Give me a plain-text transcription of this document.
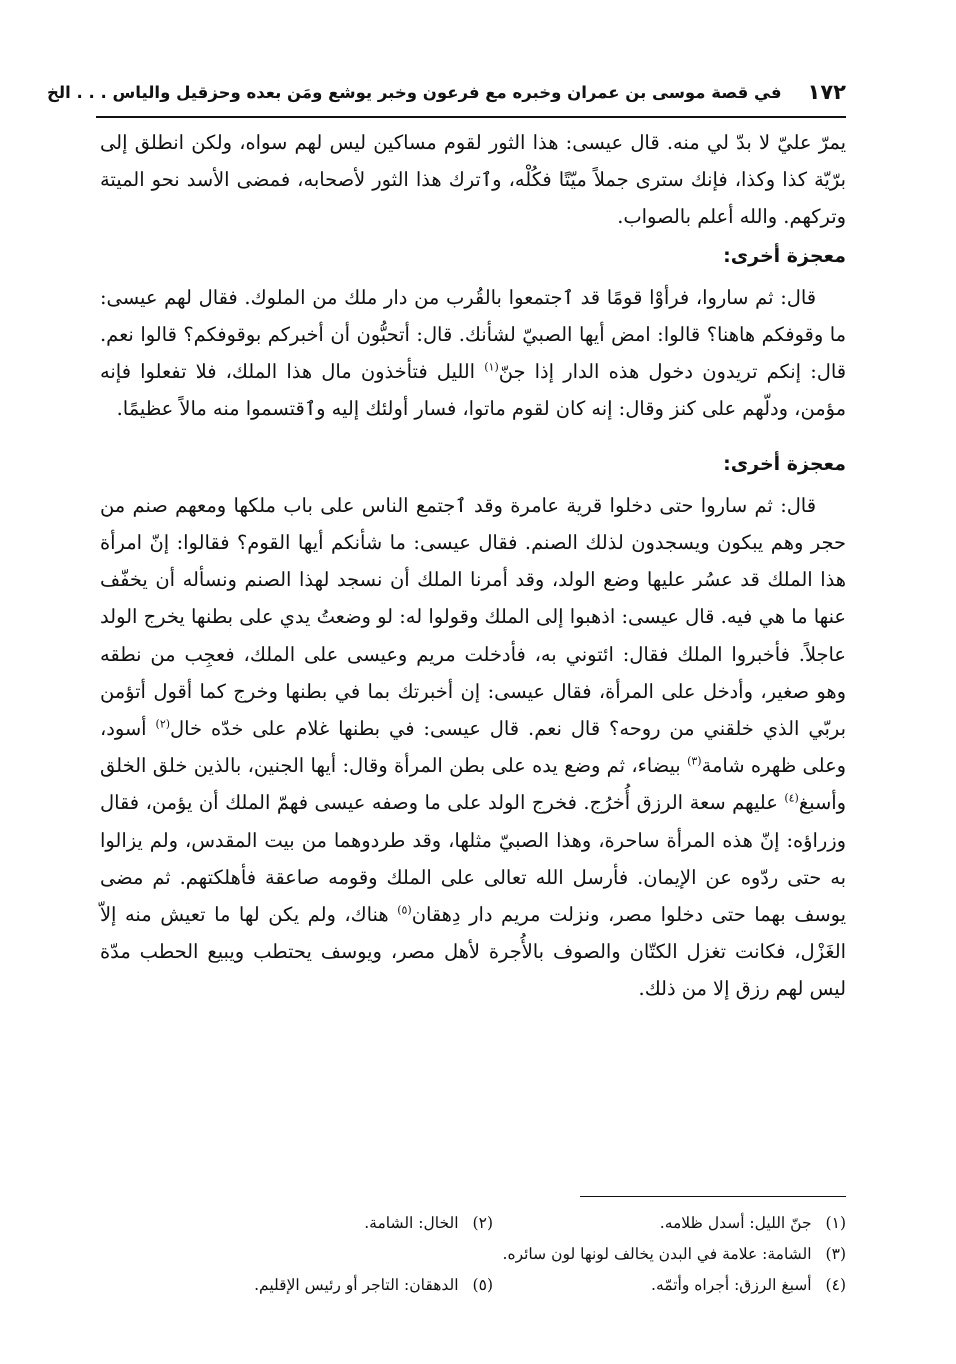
١٧٢
في قصة موسى بن عمران وخبره مع فرعون وخبر يوشع ومَن بعده وحزقيل والياس . . . الخ

يمرّ عليّ لا بدّ لي منه. قال عيسى: هذا الثور لقوم مساكين ليس لهم سواه، ولكن انطلق إلى برّيّة كذا وكذا، فإنك سترى جملاً ميّتًا فكُلْه، وٱترك هذا الثور لأصحابه، فمضى الأسد نحو الميتة وتركهم. والله أعلم بالصواب.

معجزة أخرى:

قال: ثم ساروا، فرأوْا قومًا قد ٱجتمعوا بالقُرب من دار ملك من الملوك. فقال لهم عيسى: ما وقوفكم هاهنا؟ قالوا: امض أيها الصبيّ لشأنك. قال: أتحبُّون أن أخبركم بوقوفكم؟ قالوا نعم. قال: إنكم تريدون دخول هذه الدار إذا جنّ$^{(١)}$ الليل فتأخذون مال هذا الملك، فلا تفعلوا فإنه مؤمن، ودلّهم على كنز وقال: إنه كان لقوم ماتوا، فسار أولئك إليه وٱقتسموا منه مالاً عظيمًا.

معجزة أخرى:

قال: ثم ساروا حتى دخلوا قرية عامرة وقد ٱجتمع الناس على باب ملكها ومعهم صنم من حجر وهم يبكون ويسجدون لذلك الصنم. فقال عيسى: ما شأنكم أيها القوم؟ فقالوا: إنّ امرأة هذا الملك قد عسُر عليها وضع الولد، وقد أمرنا الملك أن نسجد لهذا الصنم ونسأله أن يخفّف عنها ما هي فيه. قال عيسى: اذهبوا إلى الملك وقولوا له: لو وضعتُ يدي على بطنها يخرج الولد عاجلاً. فأخبروا الملك فقال: ائتوني به، فأدخلت مريم وعيسى على الملك، فعجِب من نطقه وهو صغير، وأدخل على المرأة، فقال عيسى: إن أخبرتك بما في بطنها وخرج كما أقول أتؤمن بربّي الذي خلقني من روحه؟ قال نعم. قال عيسى: في بطنها غلام على خدّه خال$^{(٢)}$ أسود، وعلى ظهره شامة$^{(٣)}$ بيضاء، ثم وضع يده على بطن المرأة وقال: أيها الجنين، بالذين خلق الخلق وأسبغ$^{(٤)}$ عليهم سعة الرزق أُخرُج. فخرج الولد على ما وصفه عيسى فهمّ الملك أن يؤمن، فقال وزراؤه: إنّ هذه المرأة ساحرة، وهذا الصبيّ مثلها، وقد طردوهما من بيت المقدس، ولم يزالوا به حتى ردّوه عن الإيمان. فأرسل الله تعالى على الملك وقومه صاعقة فأهلكتهم. ثم مضى يوسف بهما حتى دخلوا مصر، ونزلت مريم دار دِهقان$^{(٥)}$ هناك، ولم يكن لها ما تعيش منه إلاّ الغَزْل، فكانت تغزل الكتّان والصوف بالأُجرة لأهل مصر، ويوسف يحتطب ويبيع الحطب مدّة ليس لهم رزق إلا من ذلك.

(١)جنّ الليل: أسدل ظلامه.
(٢)الخال: الشامة.
(٣)الشامة: علامة في البدن يخالف لونها لون سائره.
(٤)أسبغ الرزق: أجراه وأتمّه.
(٥)الدهقان: التاجر أو رئيس الإقليم.
